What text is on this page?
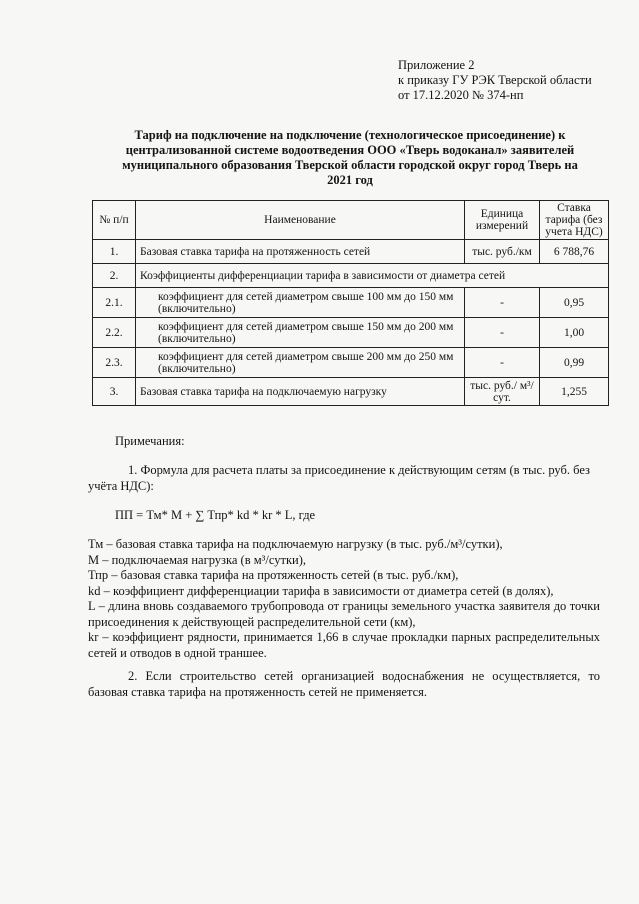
Приложение 2
к приказу ГУ РЭК Тверской области
от 17.12.2020 № 374-нп
Тариф на подключение на подключение (технологическое присоединение) к централизованной системе водоотведения ООО «Тверь водоканал» заявителей муниципального образования Тверской области городской округ город Тверь на 2021 год
№ п/п	Наименование	Единица измерений	Ставка тарифа (без учета НДС)
1.	Базовая ставка тарифа на протяженность сетей	тыс. руб./км	6 788,76
2.	Коэффициенты дифференциации тарифа в зависимости от диаметра сетей		
2.1.	коэффициент для сетей диаметром свыше 100 мм до 150 мм (включительно)	-	0,95
2.2.	коэффициент для сетей диаметром свыше 150 мм до 200 мм (включительно)	-	1,00
2.3.	коэффициент для сетей диаметром свыше 200 мм до 250 мм (включительно)	-	0,99
3.	Базовая ставка тарифа на подключаемую нагрузку	тыс. руб./ м³/сут.	1,255
Примечания:
1. Формула для расчета платы за присоединение к действующим сетям (в тыс. руб. без учёта НДС):
ПП = Тм* М + ∑ Тпр* kd * kr * L, где
Тм – базовая ставка тарифа на подключаемую нагрузку (в тыс. руб./м³/сутки),
М – подключаемая нагрузка (в м³/сутки),
Тпр – базовая ставка тарифа на протяженность сетей (в тыс. руб./км),
kd – коэффициент дифференциации тарифа в зависимости от диаметра сетей (в долях),
L – длина вновь создаваемого трубопровода от границы земельного участка заявителя до точки присоединения к действующей распределительной сети (км),
kr – коэффициент рядности, принимается 1,66 в случае прокладки парных распределительных сетей и отводов в одной траншее.
2. Если строительство сетей организацией водоснабжения не осуществляется, то базовая ставка тарифа на протяженность сетей не применяется.
